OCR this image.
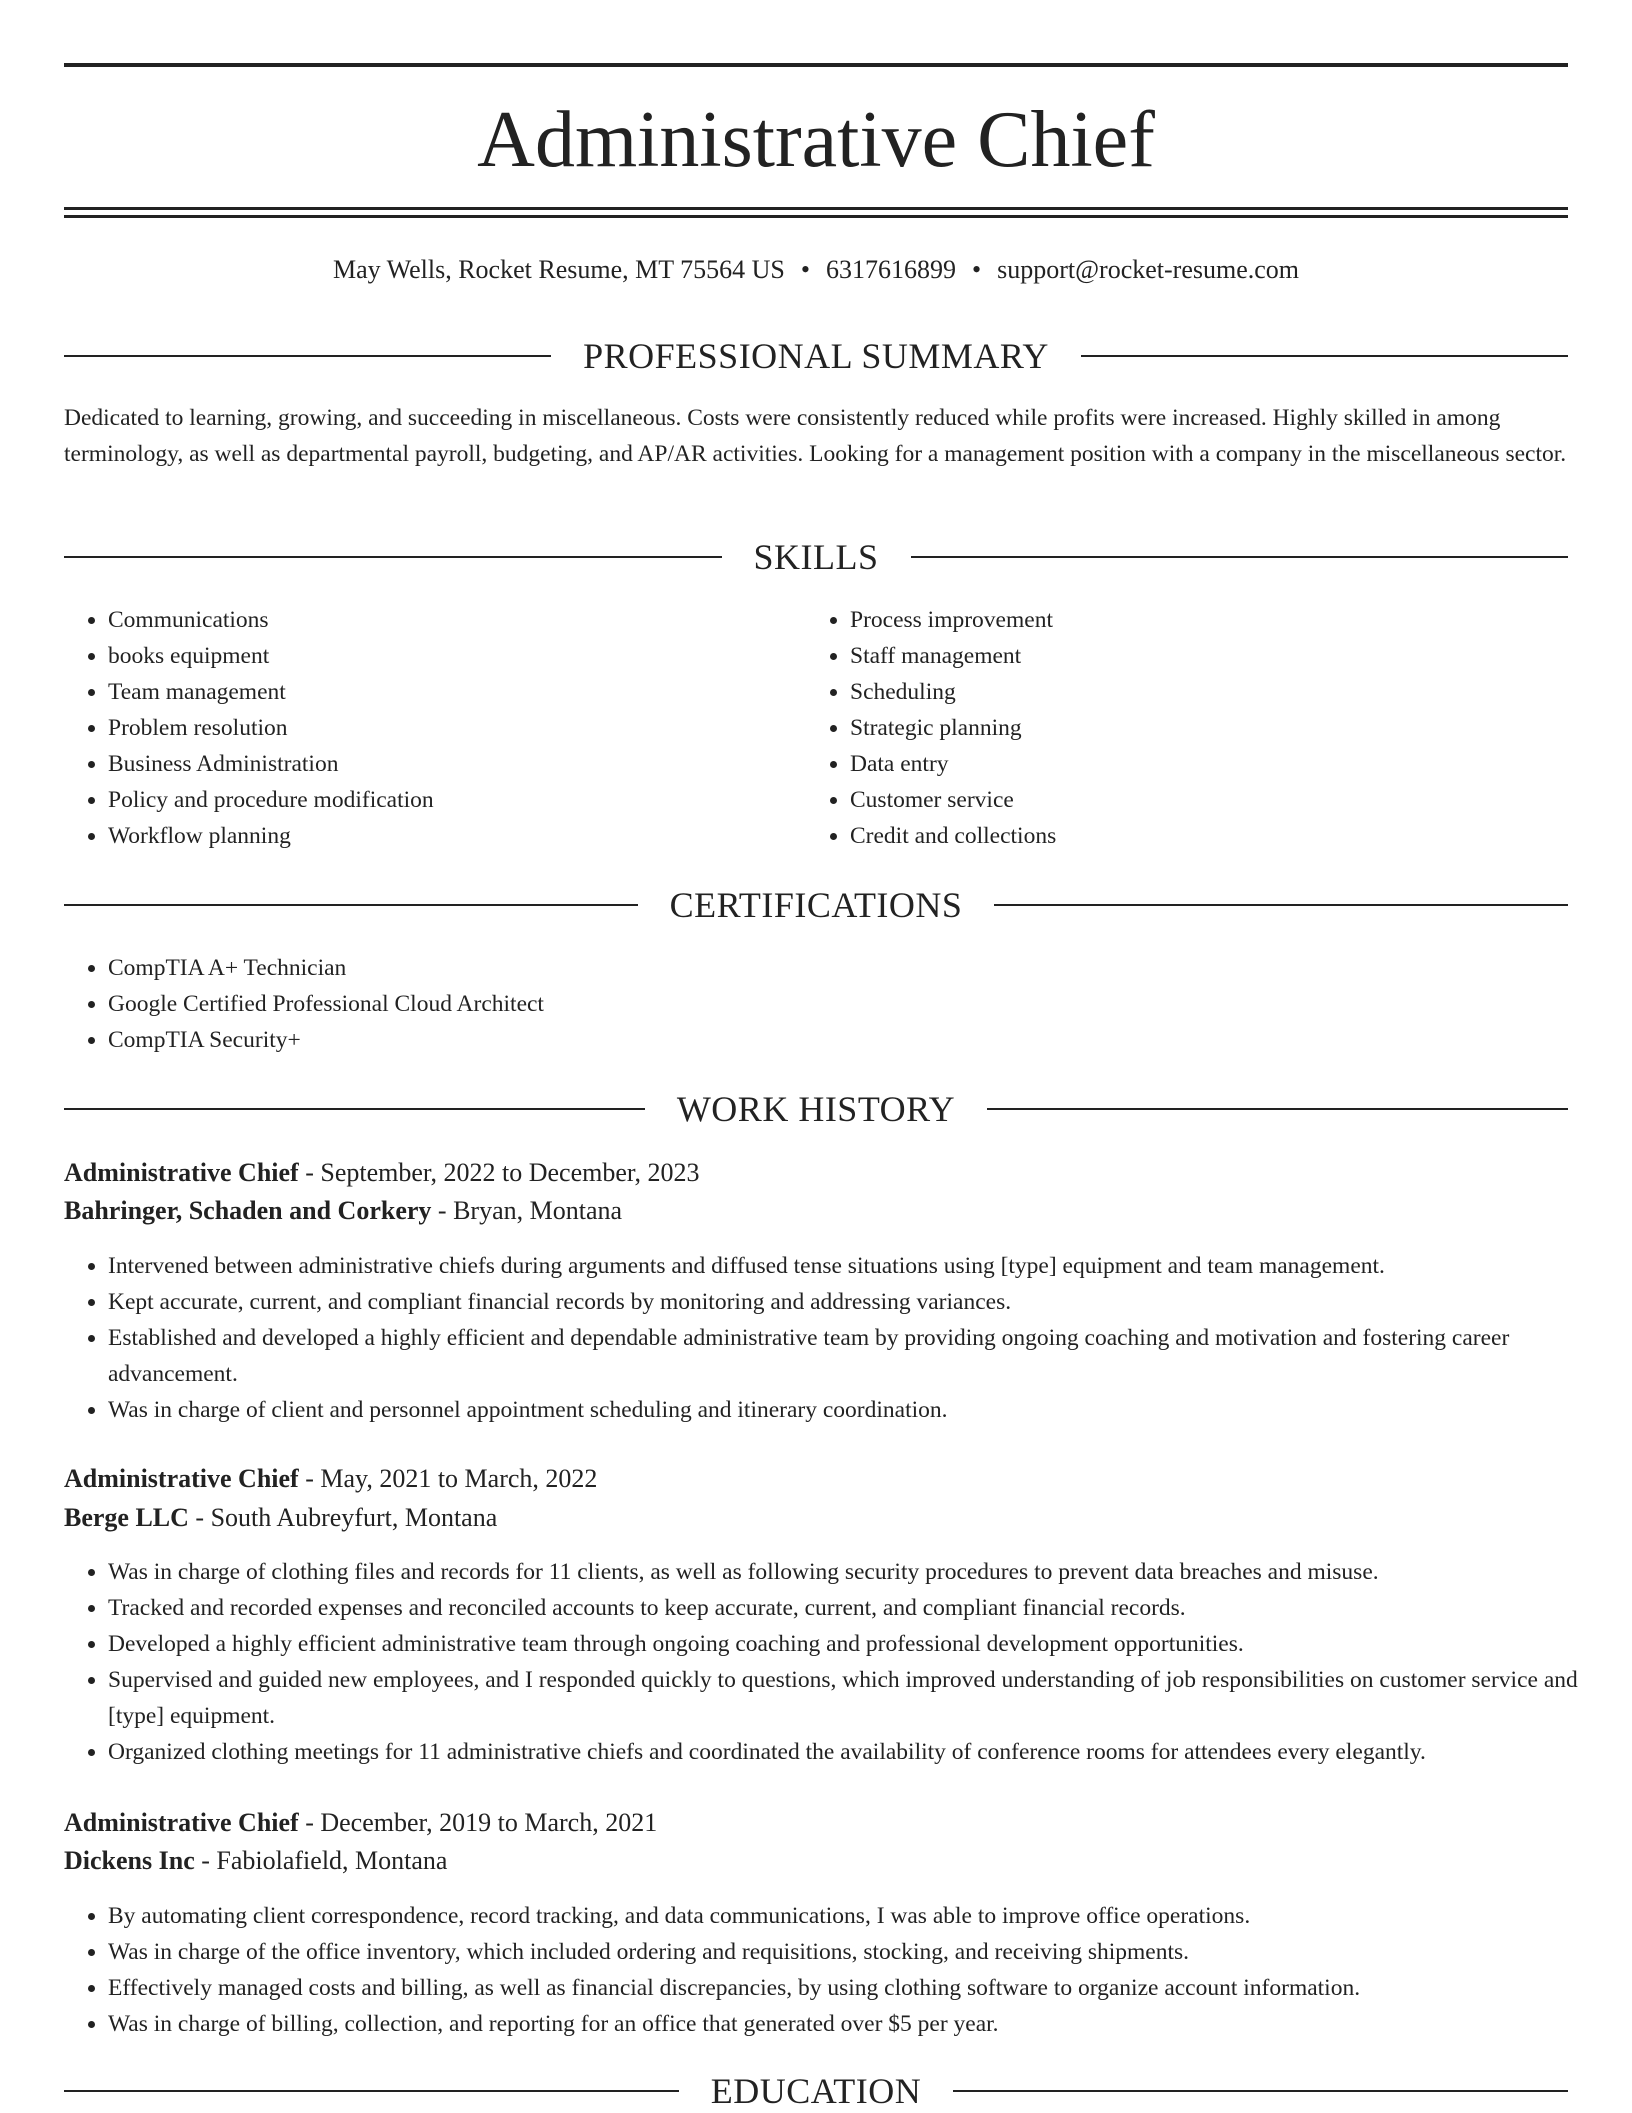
Administrative Chief
May Wells, Rocket Resume, MT 75564 US • 6317616899 • support@rocket-resume.com
PROFESSIONAL SUMMARY
Dedicated to learning, growing, and succeeding in miscellaneous. Costs were consistently reduced while profits were increased. Highly skilled in among terminology, as well as departmental payroll, budgeting, and AP/AR activities. Looking for a management position with a company in the miscellaneous sector.
SKILLS
• Communications
• books equipment
• Team management
• Problem resolution
• Business Administration
• Policy and procedure modification
• Workflow planning
• Process improvement
• Staff management
• Scheduling
• Strategic planning
• Data entry
• Customer service
• Credit and collections
CERTIFICATIONS
• CompTIA A+ Technician
• Google Certified Professional Cloud Architect
• CompTIA Security+
WORK HISTORY
Administrative Chief - September, 2022 to December, 2023
Bahringer, Schaden and Corkery - Bryan, Montana
• Intervened between administrative chiefs during arguments and diffused tense situations using [type] equipment and team management.
• Kept accurate, current, and compliant financial records by monitoring and addressing variances.
• Established and developed a highly efficient and dependable administrative team by providing ongoing coaching and motivation and fostering career advancement.
• Was in charge of client and personnel appointment scheduling and itinerary coordination.
Administrative Chief - May, 2021 to March, 2022
Berge LLC - South Aubreyfurt, Montana
• Was in charge of clothing files and records for 11 clients, as well as following security procedures to prevent data breaches and misuse.
• Tracked and recorded expenses and reconciled accounts to keep accurate, current, and compliant financial records.
• Developed a highly efficient administrative team through ongoing coaching and professional development opportunities.
• Supervised and guided new employees, and I responded quickly to questions, which improved understanding of job responsibilities on customer service and [type] equipment.
• Organized clothing meetings for 11 administrative chiefs and coordinated the availability of conference rooms for attendees every elegantly.
Administrative Chief - December, 2019 to March, 2021
Dickens Inc - Fabiolafield, Montana
• By automating client correspondence, record tracking, and data communications, I was able to improve office operations.
• Was in charge of the office inventory, which included ordering and requisitions, stocking, and receiving shipments.
• Effectively managed costs and billing, as well as financial discrepancies, by using clothing software to organize account information.
• Was in charge of billing, collection, and reporting for an office that generated over $5 per year.
EDUCATION
